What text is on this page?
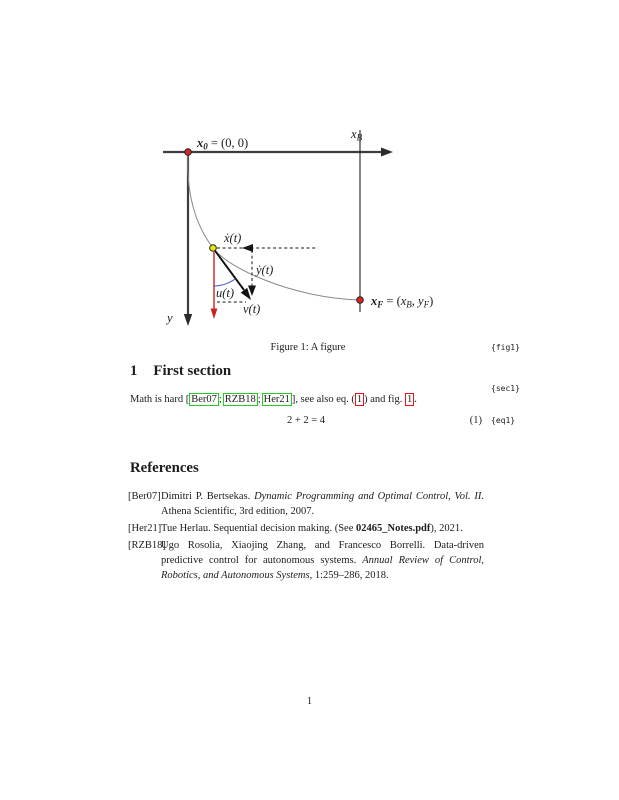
$x_0 = (0$, 0)
$x_B$
$x_F = (x_B$, $y_F$)
y
ẋ(t)
ẏ(t)
v(t)
u(t)
Figure 1: A figure	{fig1}
{sec1}
{eq1}
1 First section
Math is hard [ Ber07 ; RZB18 ; Her21 ], see also eq. ( 1 ) and fig. 1 .
2 + 2 = 4	(1)
References
[Ber07] Dimitri P. Bertsekas. Dynamic Programming and Optimal Control, Vol. II. Athena Scientific, 3rd edition, 2007.
[Her21] Tue Herlau. Sequential decision making. (See 02465_Notes.pdf), 2021.
[RZB18]
Ugo Rosolia, Xiaojing Zhang, and Francesco Borrelli. Data-driven predictive control for autonomous systems. Annual Review of Control, Robotics, and Autonomous Systems, 1:259–286, 2018.
1
